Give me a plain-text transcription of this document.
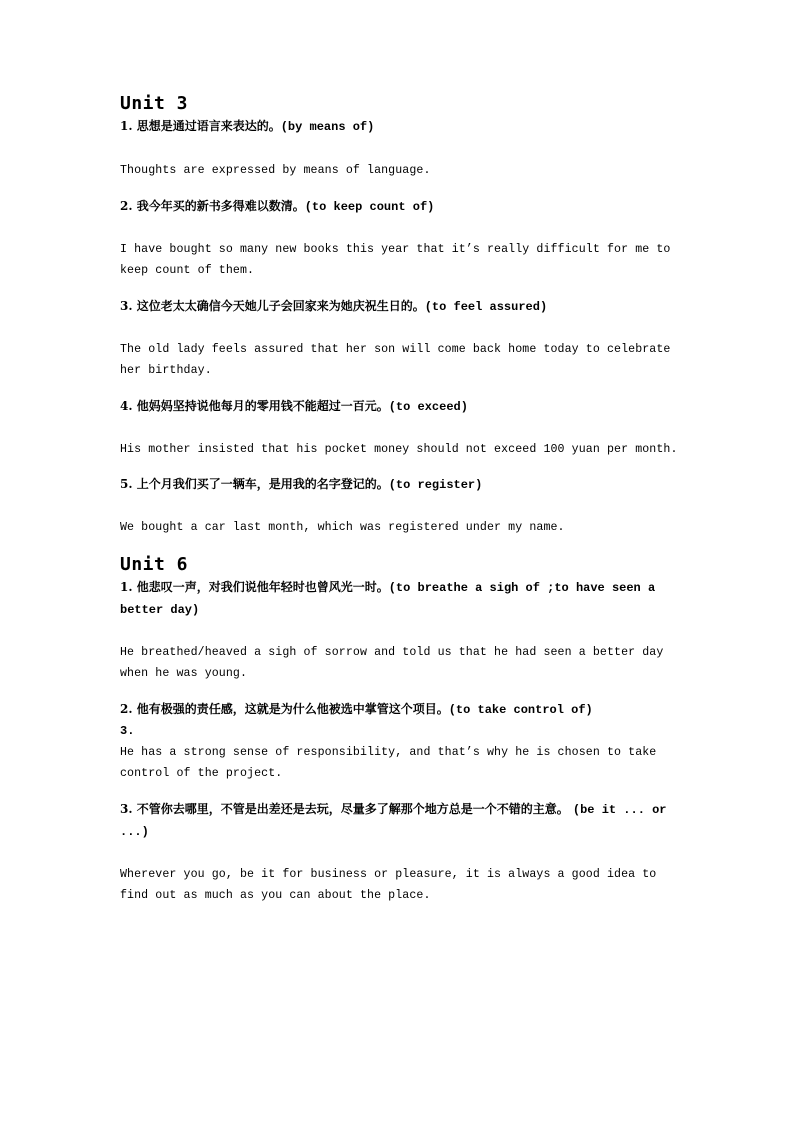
Unit 3

1. 思想是通过语言来表达的。(by means of)

Thoughts are expressed by means of language.

2. 我今年买的新书多得难以数清。(to keep count of)

I have bought so many new books this year that it’s really difficult for me to keep count of them.

3. 这位老太太确信今天她儿子会回家来为她庆祝生日的。(to feel assured)

The old lady feels assured that her son will come back home today to celebrate her birthday.

4. 他妈妈坚持说他每月的零用钱不能超过一百元。(to exceed)

His mother insisted that his pocket money should not exceed 100 yuan per month.

5. 上个月我们买了一辆车，是用我的名字登记的。(to register)

We bought a car last month, which was registered under my name.

Unit 6

1. 他悲叹一声，对我们说他年轻时也曾风光一时。(to breathe a sigh of ;to have seen a better day)

He breathed/heaved a sigh of sorrow and told us that he had seen a better day when he was young.

2. 他有极强的责任感，这就是为什么他被选中掌管这个项目。(to take control of)

3.

He has a strong sense of responsibility, and that’s why he is chosen to take control of the project.

3. 不管你去哪里，不管是出差还是去玩，尽量多了解那个地方总是一个不错的主意。 (be it ... or ...)

Wherever you go, be it for business or pleasure, it is always a good idea to find out as much as you can about the place.
